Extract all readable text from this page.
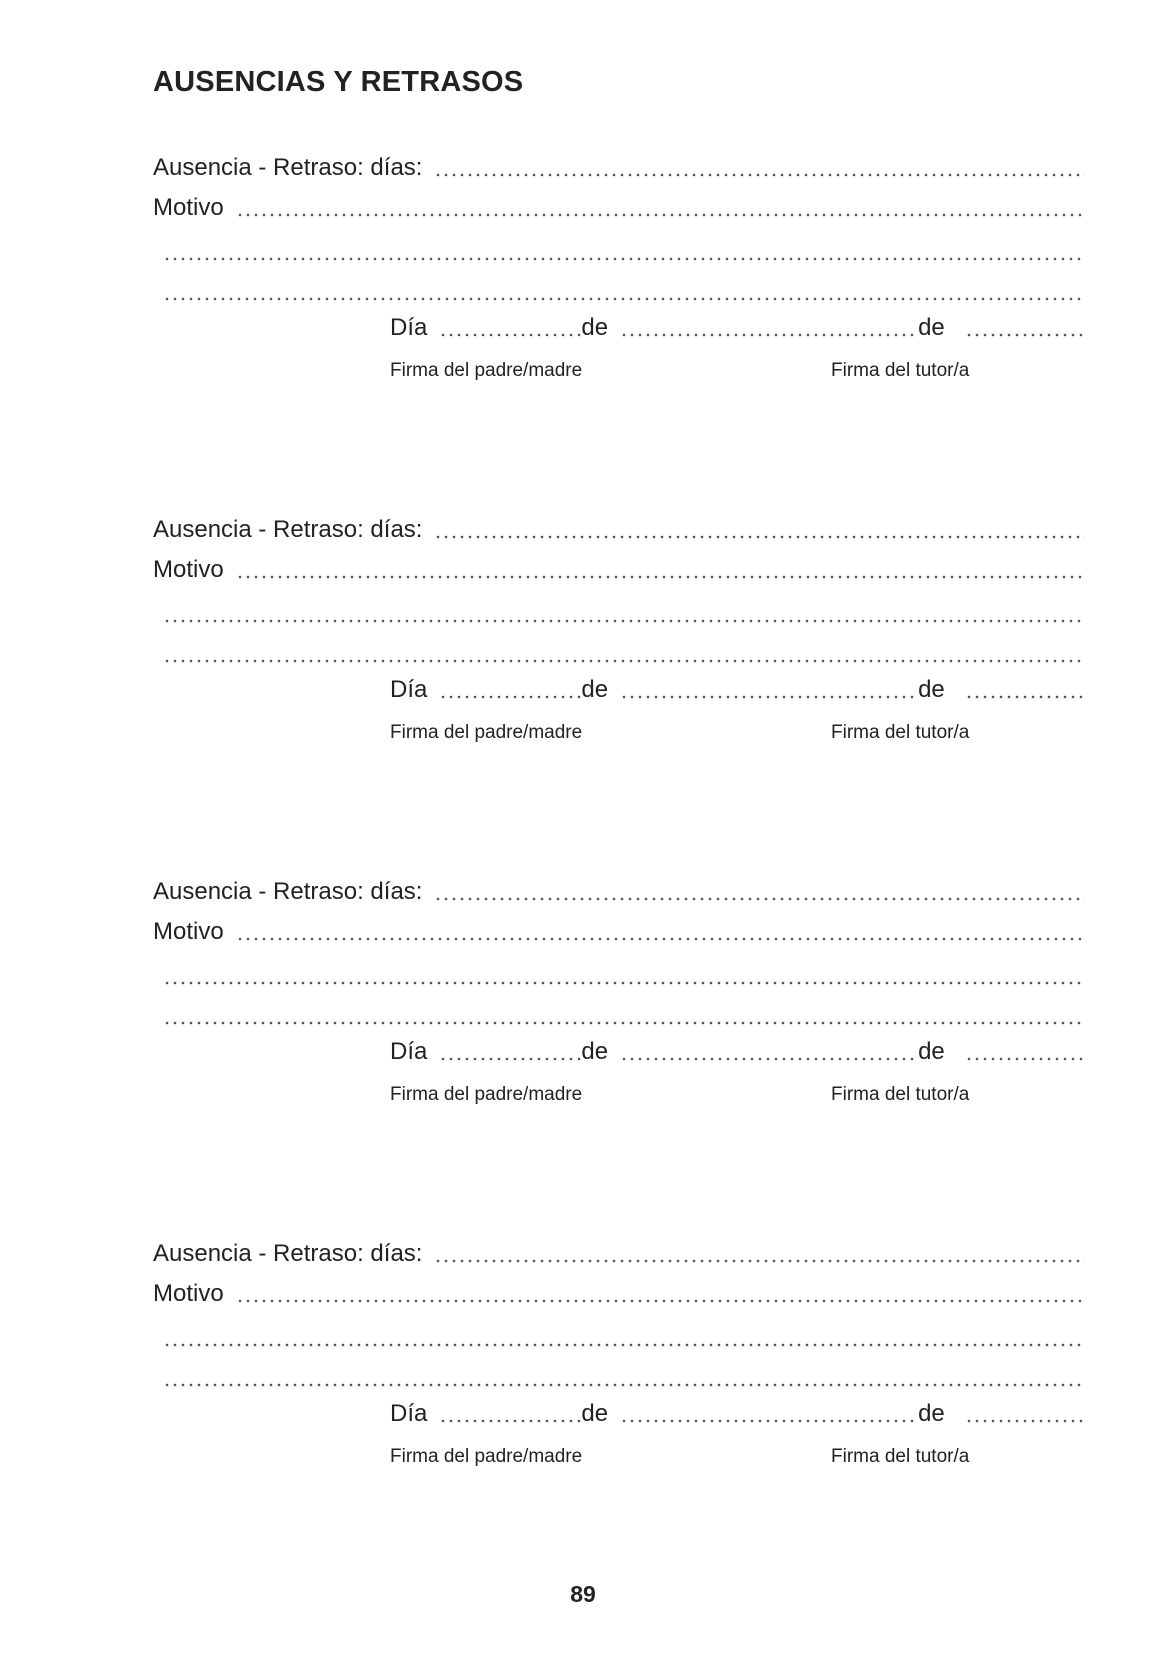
AUSENCIAS Y RETRASOS
Ausencia - Retraso: días:
Motivo
Día	de	de
Firma del padre/madre	Firma del tutor/a
Ausencia - Retraso: días:
Motivo
Día	de	de
Firma del padre/madre	Firma del tutor/a
Ausencia - Retraso: días:
Motivo
Día	de	de
Firma del padre/madre	Firma del tutor/a
Ausencia - Retraso: días:
Motivo
Día	de	de
Firma del padre/madre	Firma del tutor/a
89
